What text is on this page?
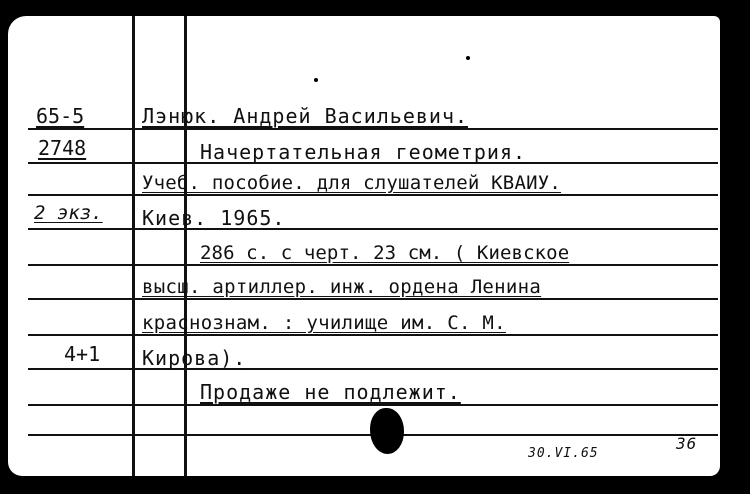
65-5
2748
2 экз.
4+1
Лэнюк. Андрей Васильевич.
Начертательная геометрия.
Учеб. пособие. для слушателей КВАИУ.
Киев. 1965.
286 с. с черт. 23 см. ( Киевское
высш. артиллер. инж. ордена Ленина
краснознам. : училище им. С. М.
Кирова).
Продаже не подлежит.
30.VI.65
36
